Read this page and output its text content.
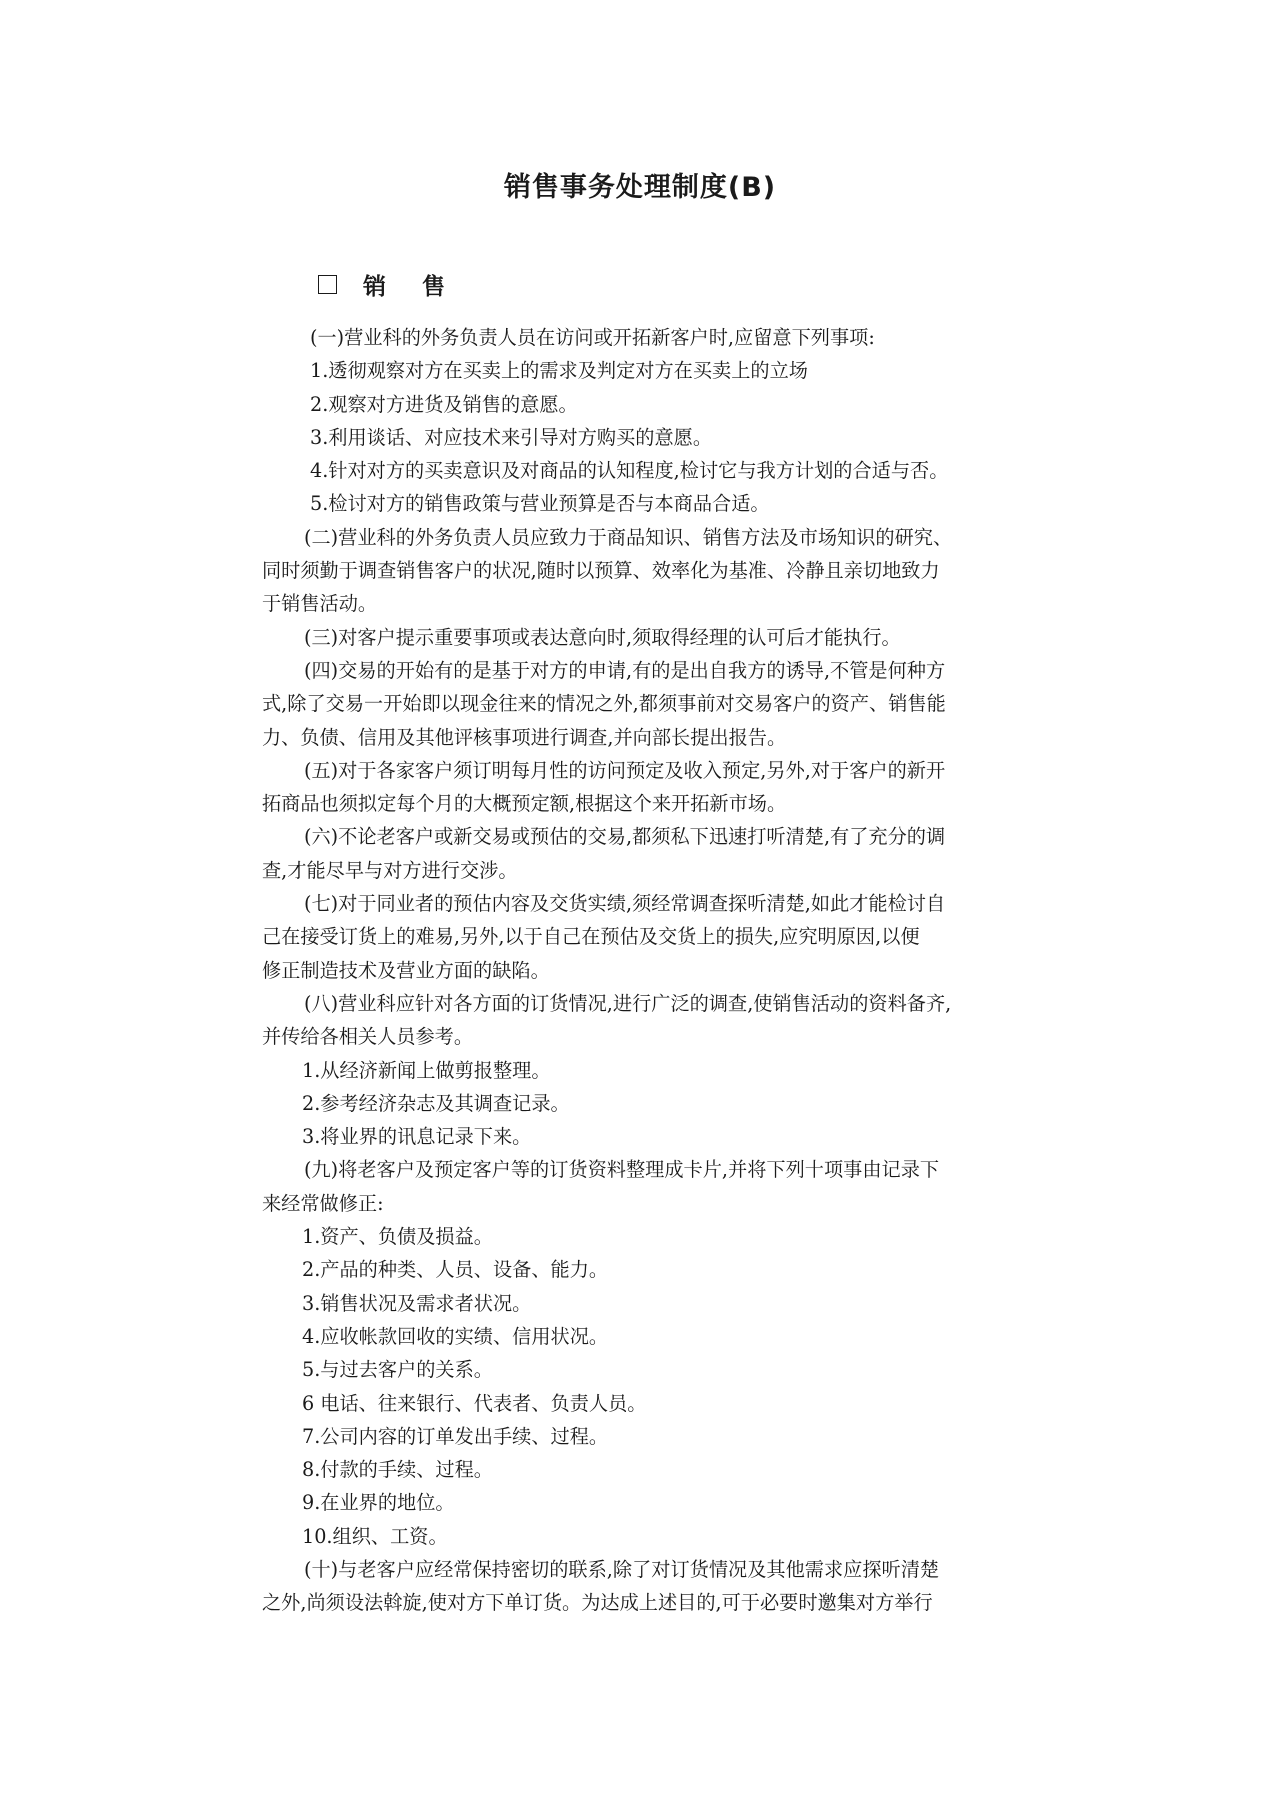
销售事务处理制度(B)
销 售
(一)营业科的外务负责人员在访问或开拓新客户时,应留意下列事项:
1.透彻观察对方在买卖上的需求及判定对方在买卖上的立场
2.观察对方进货及销售的意愿。
3.利用谈话、对应技术来引导对方购买的意愿。
4.针对对方的买卖意识及对商品的认知程度,检讨它与我方计划的合适与否。
5.检讨对方的销售政策与营业预算是否与本商品合适。
(二)营业科的外务负责人员应致力于商品知识、销售方法及市场知识的研究、
同时须勤于调查销售客户的状况,随时以预算、效率化为基准、冷静且亲切地致力
于销售活动。
(三)对客户提示重要事项或表达意向时,须取得经理的认可后才能执行。
(四)交易的开始有的是基于对方的申请,有的是出自我方的诱导,不管是何种方
式,除了交易一开始即以现金往来的情况之外,都须事前对交易客户的资产、销售能
力、负债、信用及其他评核事项进行调查,并向部长提出报告。
(五)对于各家客户须订明每月性的访问预定及收入预定,另外,对于客户的新开
拓商品也须拟定每个月的大概预定额,根据这个来开拓新市场。
(六)不论老客户或新交易或预估的交易,都须私下迅速打听清楚,有了充分的调
查,才能尽早与对方进行交涉。
(七)对于同业者的预估内容及交货实绩,须经常调查探听清楚,如此才能检讨自
己在接受订货上的难易,另外,以于自己在预估及交货上的损失,应究明原因,以便
修正制造技术及营业方面的缺陷。
(八)营业科应针对各方面的订货情况,进行广泛的调查,使销售活动的资料备齐,
并传给各相关人员参考。
1.从经济新闻上做剪报整理。
2.参考经济杂志及其调查记录。
3.将业界的讯息记录下来。
(九)将老客户及预定客户等的订货资料整理成卡片,并将下列十项事由记录下
来经常做修正:
1.资产、负债及损益。
2.产品的种类、人员、设备、能力。
3.销售状况及需求者状况。
4.应收帐款回收的实绩、信用状况。
5.与过去客户的关系。
6 电话、往来银行、代表者、负责人员。
7.公司内容的订单发出手续、过程。
8.付款的手续、过程。
9.在业界的地位。
10.组织、工资。
(十)与老客户应经常保持密切的联系,除了对订货情况及其他需求应探听清楚
之外,尚须设法斡旋,使对方下单订货。为达成上述目的,可于必要时邀集对方举行
